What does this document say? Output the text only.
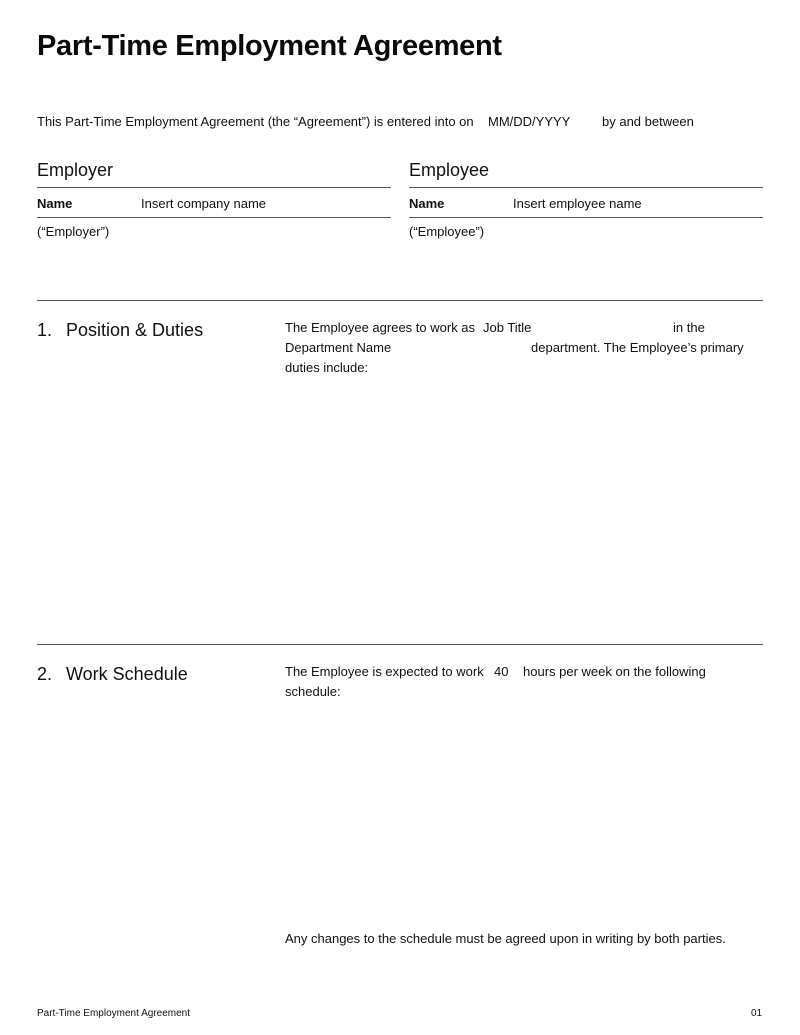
Part-Time Employment Agreement
This Part-Time Employment Agreement (the “Agreement”) is entered into on MM/DD/YYYY by and between
Employer
Name	Insert company name
(“Employer”)
Employee
Name	Insert employee name
(“Employee”)
1. Position & Duties	The Employee agrees to work as Job Title	in the
Department Name	department. The Employee’s primary
duties include:
2. Work Schedule	The Employee is expected to work 40 hours per week on the following
schedule:
Any changes to the schedule must be agreed upon in writing by both parties.
Part-Time Employment Agreement	01
